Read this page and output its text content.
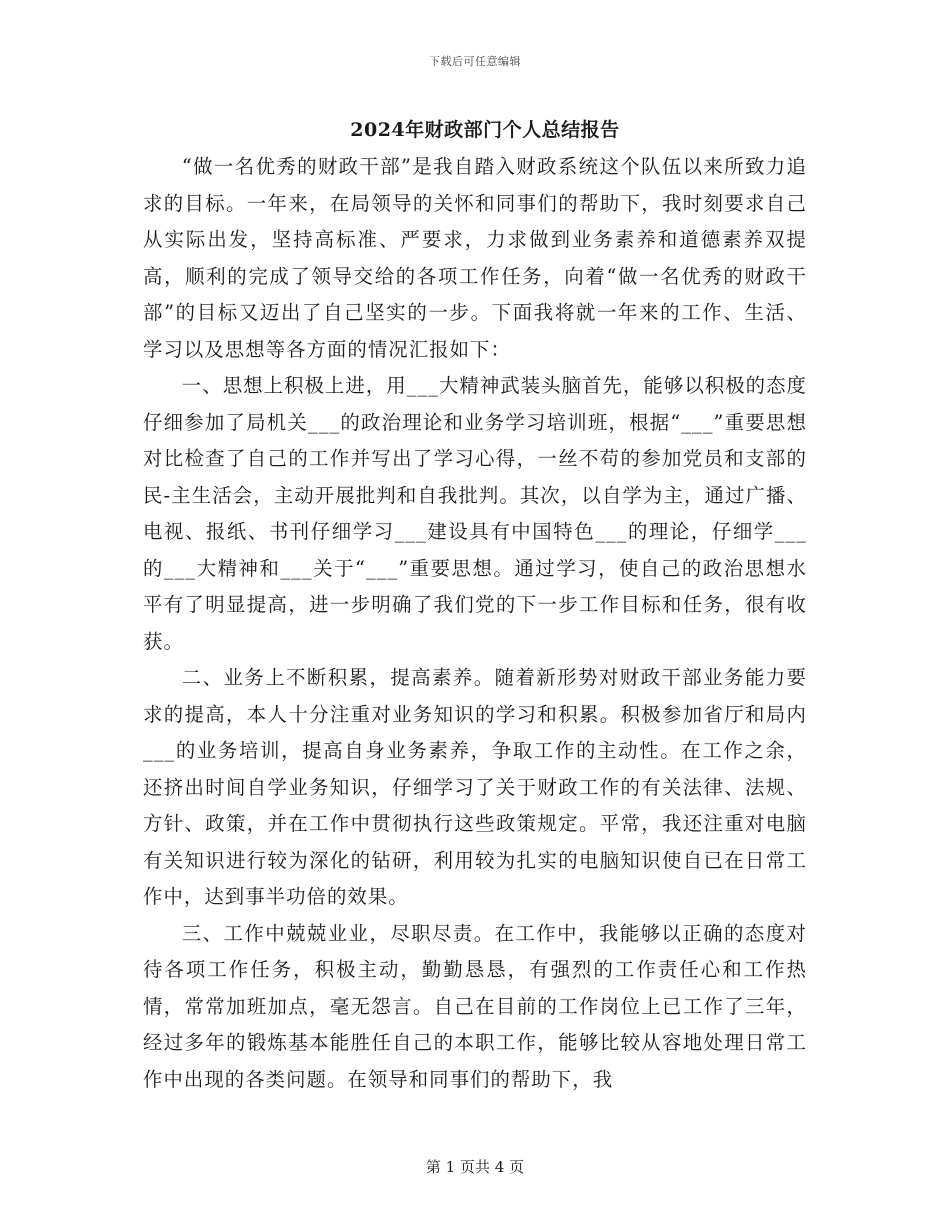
下载后可任意编辑
2024年财政部门个人总结报告

“做一名优秀的财政干部”是我自踏入财政系统这个队伍以来所致力追求的目标。一年来，在局领导的关怀和同事们的帮助下，我时刻要求自己从实际出发，坚持高标准、严要求，力求做到业务素养和道德素养双提高，顺利的完成了领导交给的各项工作任务，向着“做一名优秀的财政干部”的目标又迈出了自己坚实的一步。下面我将就一年来的工作、生活、学习以及思想等各方面的情况汇报如下：

一、思想上积极上进，用___大精神武装头脑首先，能够以积极的态度仔细参加了局机关___的政治理论和业务学习培训班，根据“___”重要思想对比检查了自己的工作并写出了学习心得，一丝不苟的参加党员和支部的民-主生活会，主动开展批判和自我批判。其次，以自学为主，通过广播、电视、报纸、书刊仔细学习___建设具有中国特色___的理论，仔细学___的___大精神和___关于“___”重要思想。通过学习，使自己的政治思想水平有了明显提高，进一步明确了我们党的下一步工作目标和任务，很有收获。

二、业务上不断积累，提高素养。随着新形势对财政干部业务能力要求的提高，本人十分注重对业务知识的学习和积累。积极参加省厅和局内___的业务培训，提高自身业务素养，争取工作的主动性。在工作之余，还挤出时间自学业务知识，仔细学习了关于财政工作的有关法律、法规、方针、政策，并在工作中贯彻执行这些政策规定。平常，我还注重对电脑有关知识进行较为深化的钻研，利用较为扎实的电脑知识使自已在日常工作中，达到事半功倍的效果。

三、工作中兢兢业业，尽职尽责。在工作中，我能够以正确的态度对待各项工作任务，积极主动，勤勤恳恳，有强烈的工作责任心和工作热情，常常加班加点，毫无怨言。自己在目前的工作岗位上已工作了三年，经过多年的锻炼基本能胜任自己的本职工作，能够比较从容地处理日常工作中出现的各类问题。在领导和同事们的帮助下，我

第 1 页共 4 页
